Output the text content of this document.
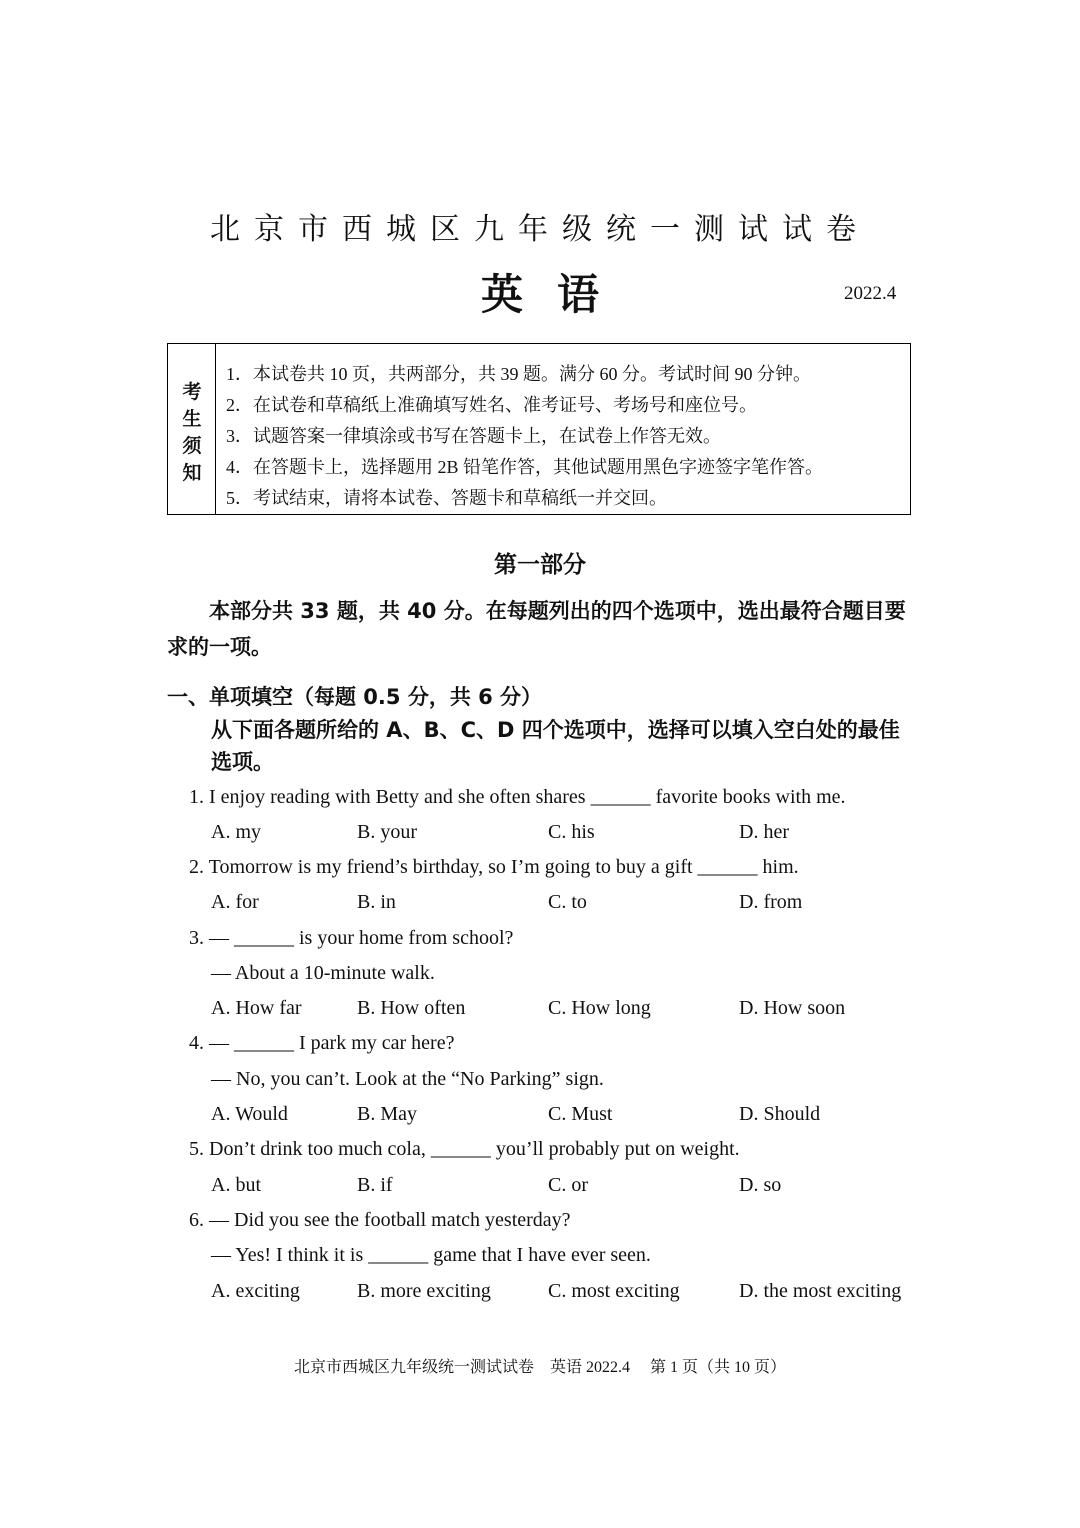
北京市西城区九年级统一测试试卷
英语	2022.4
考
生
须
知
1．本试卷共 10 页，共两部分，共 39 题。满分 60 分。考试时间 90 分钟。
2．在试卷和草稿纸上准确填写姓名、准考证号、考场号和座位号。
3．试题答案一律填涂或书写在答题卡上，在试卷上作答无效。
4．在答题卡上，选择题用 2B 铅笔作答，其他试题用黑色字迹签字笔作答。
5．考试结束，请将本试卷、答题卡和草稿纸一并交回。
第一部分
本部分共 33 题，共 40 分。在每题列出的四个选项中，选出最符合题目要求的一项。
一、单项填空（每题 0.5 分，共 6 分）
从下面各题所给的 A、B、C、D 四个选项中，选择可以填入空白处的最佳选项。
1. I enjoy reading with Betty and she often shares ______ favorite books with me.
A. my	B. your	C. his	D. her
2. Tomorrow is my friend’s birthday, so I’m going to buy a gift ______ him.
A. for	B. in	C. to	D. from
3. — ______ is your home from school?
— About a 10-minute walk.
A. How far	B. How often	C. How long	D. How soon
4. — ______ I park my car here?
— No, you can’t. Look at the “No Parking” sign.
A. Would	B. May	C. Must	D. Should
5. Don’t drink too much cola, ______ you’ll probably put on weight.
A. but	B. if	C. or	D. so
6. — Did you see the football match yesterday?
— Yes! I think it is ______ game that I have ever seen.
A. exciting	B. more exciting	C. most exciting	D. the most exciting
北京市西城区九年级统一测试试卷　英语 2022.4　 第 1 页（共 10 页）
